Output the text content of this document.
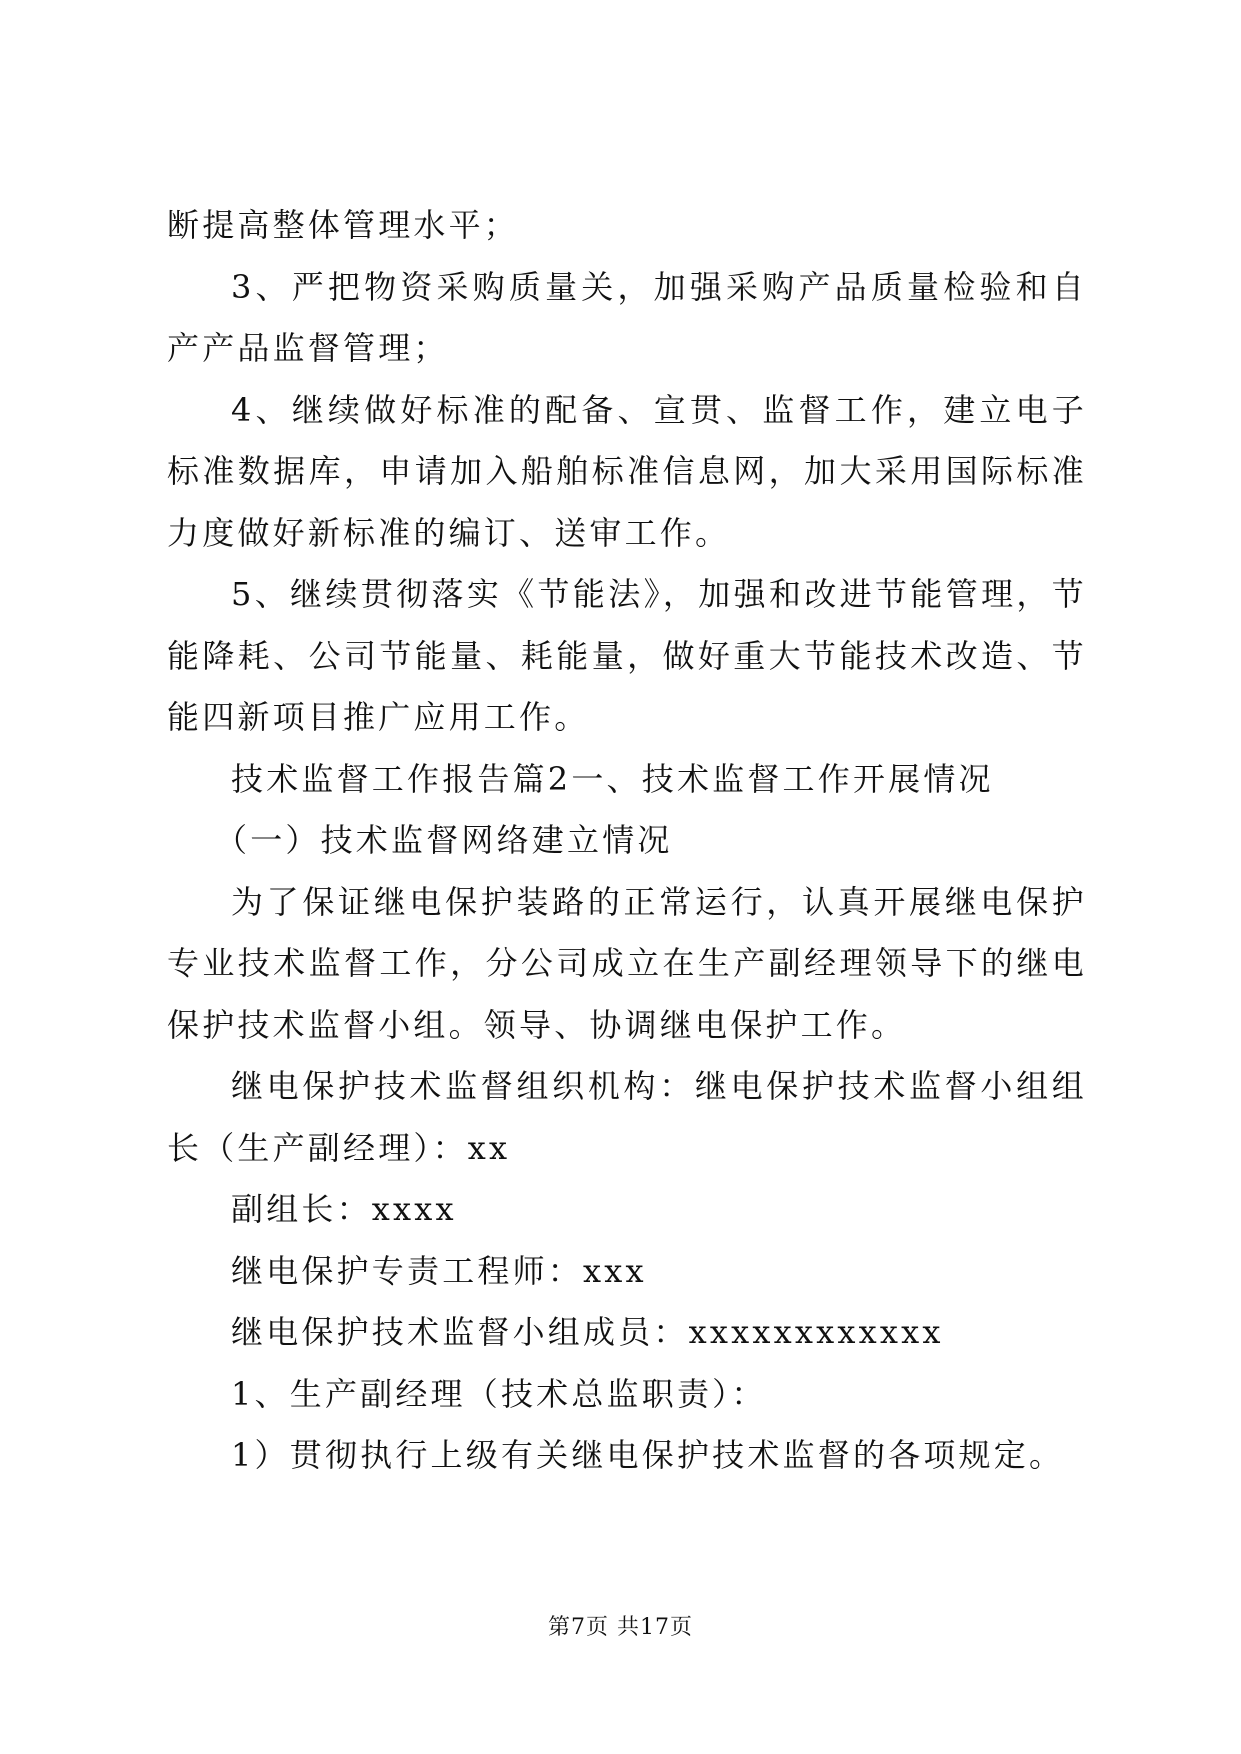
断提高整体管理水平；

3、严把物资采购质量关，加强采购产品质量检验和自产产品监督管理；

4、继续做好标准的配备、宣贯、监督工作，建立电子标准数据库，申请加入船舶标准信息网，加大采用国际标准力度做好新标准的编订、送审工作。

5、继续贯彻落实《节能法》，加强和改进节能管理，节能降耗、公司节能量、耗能量，做好重大节能技术改造、节能四新项目推广应用工作。

技术监督工作报告篇2一、技术监督工作开展情况

（一）技术监督网络建立情况

为了保证继电保护装路的正常运行，认真开展继电保护专业技术监督工作，分公司成立在生产副经理领导下的继电保护技术监督小组。领导、协调继电保护工作。

继电保护技术监督组织机构：继电保护技术监督小组组长（生产副经理）：xx

副组长：xxxx

继电保护专责工程师：xxx

继电保护技术监督小组成员：xxxxxxxxxxxx

1、生产副经理（技术总监职责）：

1）贯彻执行上级有关继电保护技术监督的各项规定。

第7页 共17页
